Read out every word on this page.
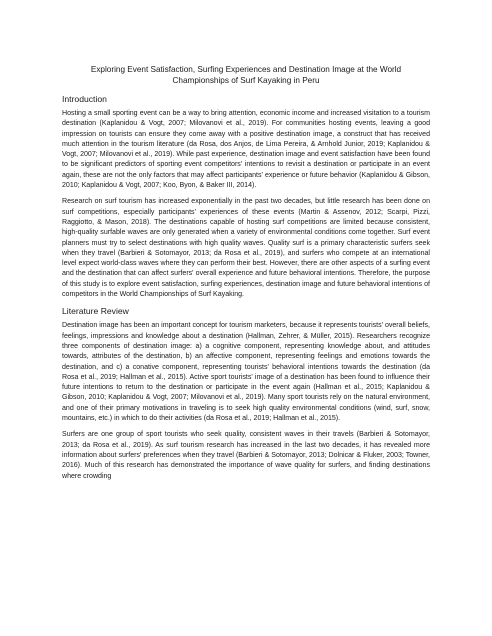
Exploring Event Satisfaction, Surfing Experiences and Destination Image at the World
Championships of Surf Kayaking in Peru
Introduction

Hosting a small sporting event can be a way to bring attention, economic income and increased visitation to a tourism destination (Kaplanidou & Vogt, 2007; Milovanovi et al., 2019). For communities hosting events, leaving a good impression on tourists can ensure they come away with a positive destination image, a construct that has received much attention in the tourism literature (da Rosa, dos Anjos, de Lima Pereira, & Arnhold Junior, 2019; Kaplanidou & Vogt, 2007; Milovanovi et al., 2019). While past experience, destination image and event satisfaction have been found to be significant predictors of sporting event competitors' intentions to revisit a destination or participate in an event again, these are not the only factors that may affect participants' experience or future behavior (Kaplanidou & Gibson, 2010; Kaplanidou & Vogt, 2007; Koo, Byon, & Baker III, 2014).

Research on surf tourism has increased exponentially in the past two decades, but little research has been done on surf competitions, especially participants' experiences of these events (Martin & Assenov, 2012; Scarpi, Pizzi, Raggiotto, & Mason, 2018). The destinations capable of hosting surf competitions are limited because consistent, high-quality surfable waves are only generated when a variety of environmental conditions come together. Surf event planners must try to select destinations with high quality waves. Quality surf is a primary characteristic surfers seek when they travel (Barbieri & Sotomayor, 2013; da Rosa et al., 2019), and surfers who compete at an international level expect world-class waves where they can perform their best. However, there are other aspects of a surfing event and the destination that can affect surfers' overall experience and future behavioral intentions. Therefore, the purpose of this study is to explore event satisfaction, surfing experiences, destination image and future behavioral intentions of competitors in the World Championships of Surf Kayaking.

Literature Review

Destination image has been an important concept for tourism marketers, because it represents tourists' overall beliefs, feelings, impressions and knowledge about a destination (Hallman, Zehrer, & Müller, 2015). Researchers recognize three components of destination image: a) a cognitive component, representing knowledge about, and attitudes towards, attributes of the destination, b) an affective component, representing feelings and emotions towards the destination, and c) a conative component, representing tourists' behavioral intentions towards the destination (da Rosa et al., 2019; Hallman et al., 2015). Active sport tourists' image of a destination has been found to influence their future intentions to return to the destination or participate in the event again (Hallman et al., 2015; Kaplanidou & Gibson, 2010; Kaplanidou & Vogt, 2007; Milovanovi et al., 2019). Many sport tourists rely on the natural environment, and one of their primary motivations in traveling is to seek high quality environmental conditions (wind, surf, snow, mountains, etc.) in which to do their activities (da Rosa et al., 2019; Hallman et al., 2015).

Surfers are one group of sport tourists who seek quality, consistent waves in their travels (Barbieri & Sotomayor, 2013; da Rosa et al., 2019). As surf tourism research has increased in the last two decades, it has revealed more information about surfers' preferences when they travel (Barbieri & Sotomayor, 2013; Dolnicar & Fluker, 2003; Towner, 2016). Much of this research has demonstrated the importance of wave quality for surfers, and finding destinations where crowding
